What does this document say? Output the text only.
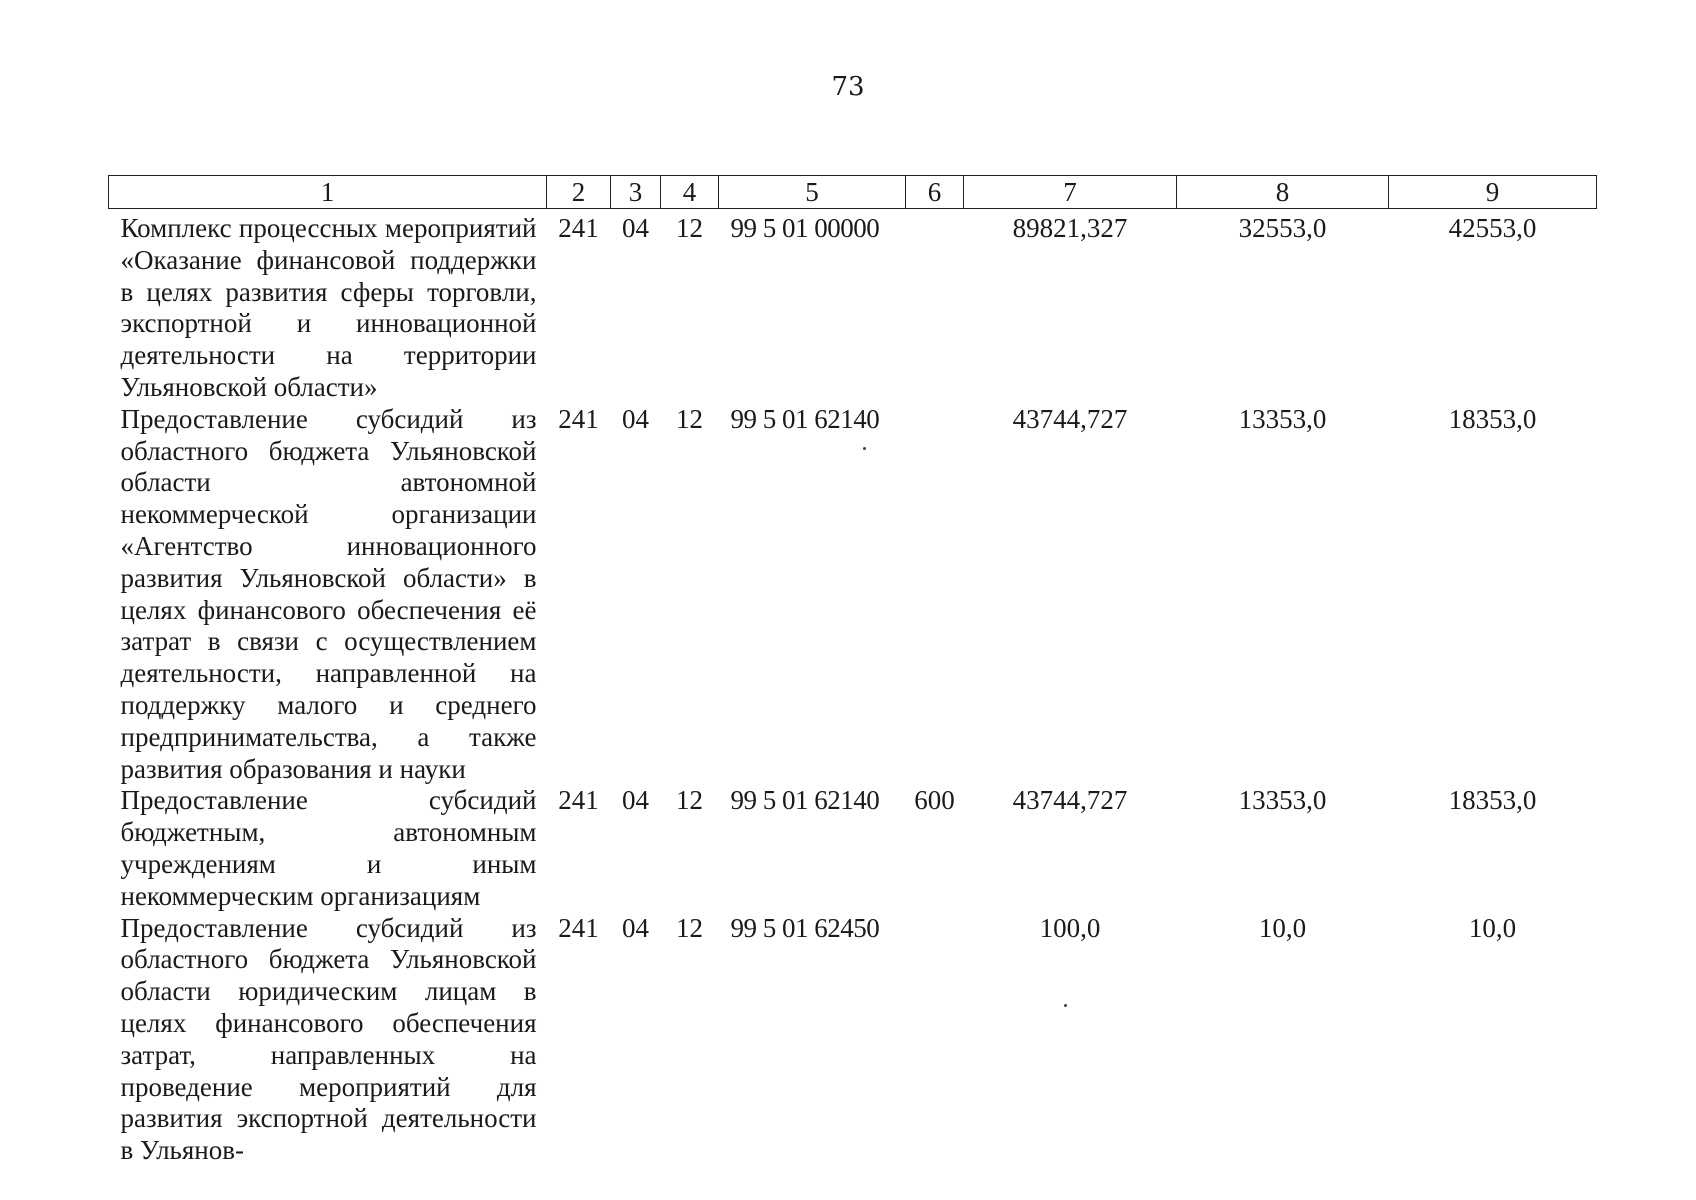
73
1	2	3	4	5	6	7	8	9
Комплекс процессных мероприятий «Оказание финансовой поддержки в целях развития сферы торговли, экспортной и инновационной деятельности на территории Ульяновской области»	241	04	12	99 5 01 00000		89821,327	32553,0	42553,0
Предоставление субсидий из областного бюджета Ульяновской области автономной некоммерческой организации «Агентство инновационного развития Ульяновской области» в целях финансового обеспечения её затрат в связи с осуществлением деятельности, направленной на поддержку малого и среднего предпринимательства, а также развития образования и науки	241	04	12	99 5 01 62140		43744,727	13353,0	18353,0
Предоставление субсидий бюджетным, автономным учреждениям и иным некоммерческим организациям	241	04	12	99 5 01 62140	600	43744,727	13353,0	18353,0
Предоставление субсидий из областного бюджета Ульяновской области юридическим лицам в целях финансового обеспечения затрат, направленных на проведение мероприятий для развития экспортной деятельности в Ульянов-	241	04	12	99 5 01 62450		100,0	10,0	10,0
